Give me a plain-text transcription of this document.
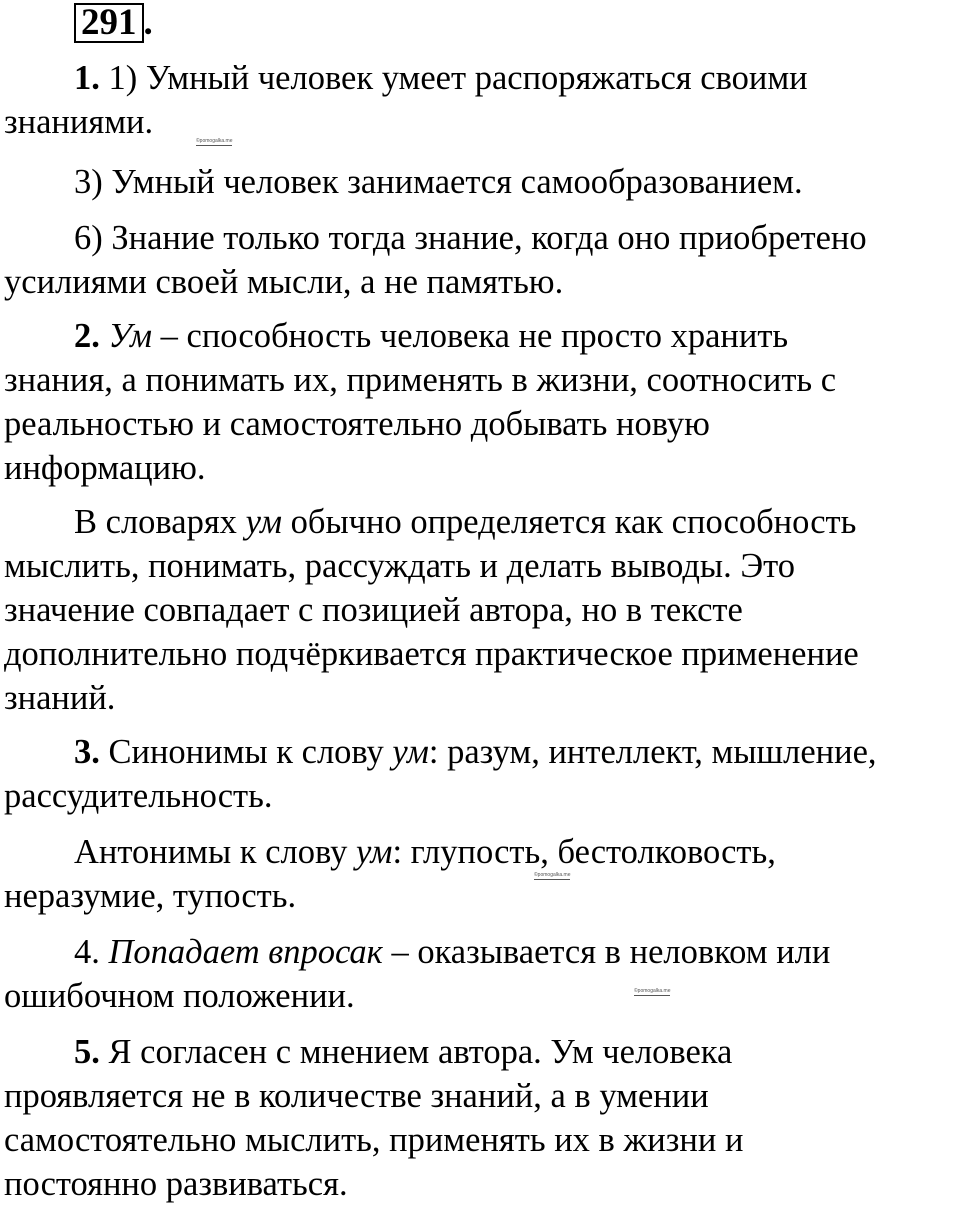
291 .

1. 1) Умный человек умеет распоряжаться своими
знаниями.

3) Умный человек занимается самообразованием.

6) Знание только тогда знание, когда оно приобретено
усилиями своей мысли, а не памятью.

2. Ум – способность человека не просто хранить
знания, а понимать их, применять в жизни, соотносить с
реальностью и самостоятельно добывать новую
информацию.

В словарях ум обычно определяется как способность
мыслить, понимать, рассуждать и делать выводы. Это
значение совпадает с позицией автора, но в тексте
дополнительно подчёркивается практическое применение
знаний.

3. Синонимы к слову ум: разум, интеллект, мышление,
рассудительность.

Антонимы к слову ум: глупость, бестолковость,
неразумие, тупость.

4. Попадает впросак – оказывается в неловком или
ошибочном положении.

5. Я согласен с мнением автора. Ум человека
проявляется не в количестве знаний, а в умении
самостоятельно мыслить, применять их в жизни и
постоянно развиваться.

©pomogalka.me
©pomogalka.me
©pomogalka.me
